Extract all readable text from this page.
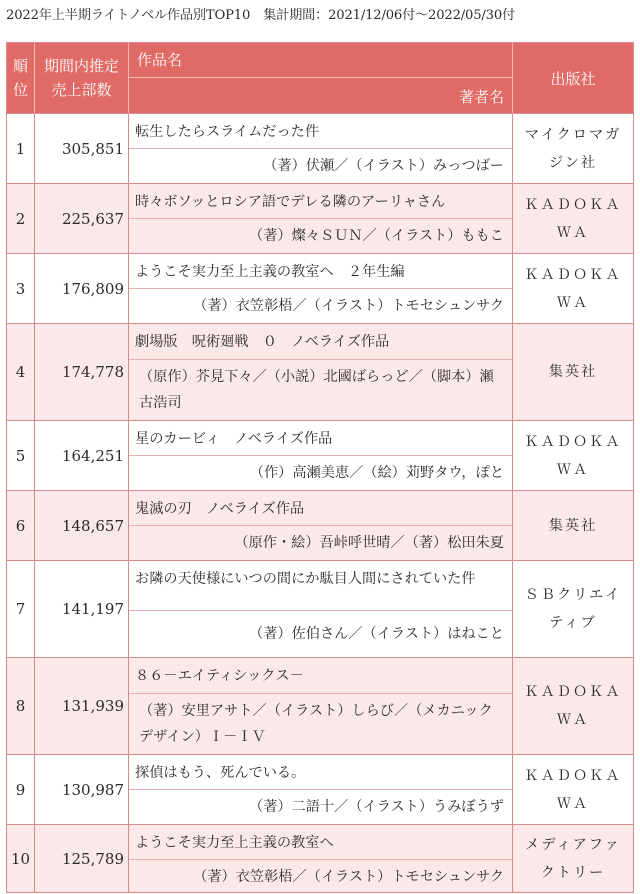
2022年上半期ライトノベル作品別TOP10　集計期間：2021/12/06付〜2022/05/30付
順
位
期間内推定
売上部数
作品名
著者名
出版社
1 305,851
転生したらスライムだった件
（著）伏瀬／（イラスト）みっつばー
マイクロマガジン社
2 225,637
時々ボソッとロシア語でデレる隣のアーリャさん
（著）燦々ＳＵＮ／（イラスト）ももこ
ＫＡＤＯＫＡＷＡ
3 176,809
ようこそ実力至上主義の教室へ　２年生編
（著）衣笠彰梧／（イラスト）トモセシュンサク
ＫＡＤＯＫＡＷＡ
4 174,778
劇場版　呪術廻戦　０　ノベライズ作品
（原作）芥見下々／（小説）北國ばらっど／（脚本）瀬古浩司
集英社
5 164,251
星のカービィ　ノベライズ作品
（作）高瀬美恵／（絵）苅野タウ，ぽと
ＫＡＤＯＫＡＷＡ
6 148,657
鬼滅の刃　ノベライズ作品
（原作・絵）吾峠呼世晴／（著）松田朱夏
集英社
7 141,197
お隣の天使様にいつの間にか駄目人間にされていた件
（著）佐伯さん／（イラスト）はねこと
ＳＢクリエイティブ
8 131,939
８６－エイティシックス－
（著）安里アサト／（イラスト）しらび／（メカニックデザイン）Ｉ－ＩＶ
ＫＡＤＯＫＡＷＡ
9 130,987
探偵はもう、死んでいる。
（著）二語十／（イラスト）うみぼうず
ＫＡＤＯＫＡＷＡ
10 125,789
ようこそ実力至上主義の教室へ
（著）衣笠彰梧／（イラスト）トモセシュンサク
メディアファクトリー
